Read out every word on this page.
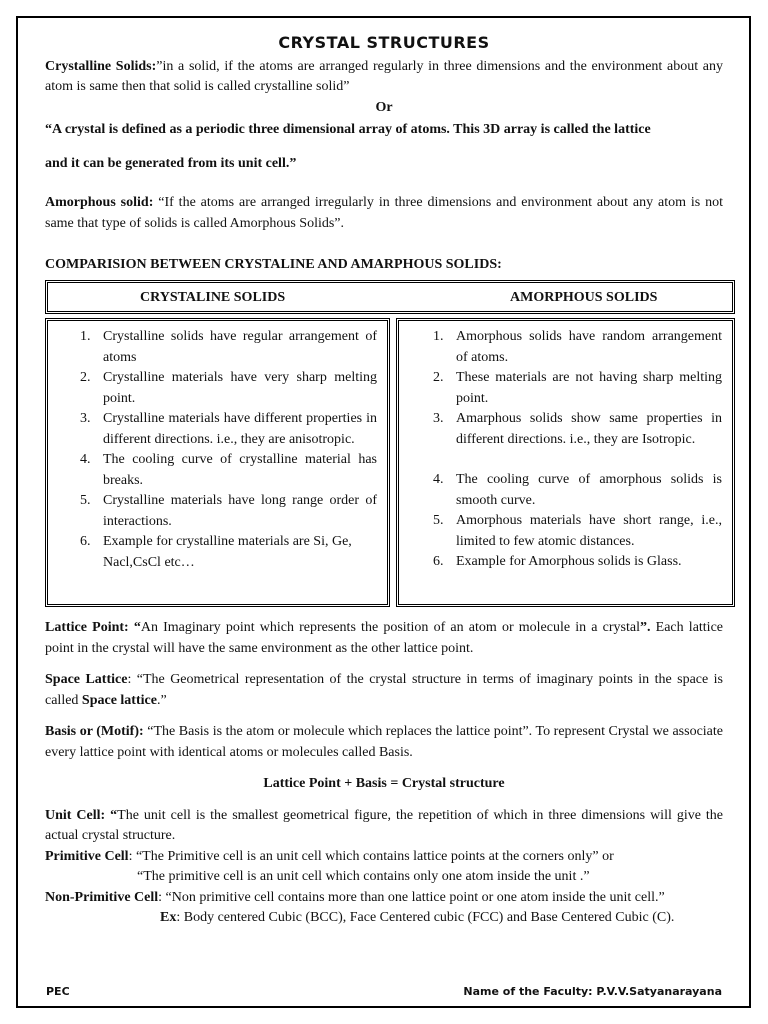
CRYSTAL STRUCTURES

Crystalline Solids:”in a solid, if the atoms are arranged regularly in three dimensions and the environment about any atom is same then that solid is called crystalline solid”

Or

“A crystal is defined as a periodic three dimensional array of atoms. This 3D array is called the lattice
and it can be generated from its unit cell.”

Amorphous solid: “If the atoms are arranged irregularly in three dimensions and environment about any atom is not same that type of solids is called Amorphous Solids”.

COMPARISION BETWEEN CRYSTALINE AND AMARPHOUS SOLIDS:

CRYSTALINE SOLIDS	AMORPHOUS SOLIDS
1. Crystalline solids have regular arrangement of atoms
2. Crystalline materials have very sharp melting point.
3. Crystalline materials have different properties in different directions. i.e., they are anisotropic.
4. The cooling curve of crystalline material has breaks.
5. Crystalline materials have long range order of interactions.
6. Example for crystalline materials are Si, Ge, Nacl,CsCl etc…
1. Amorphous solids have random arrangement of atoms.
2. These materials are not having sharp melting point.
3. Amarphous solids show same properties in different directions. i.e., they are Isotropic.
4. The cooling curve of amorphous solids is smooth curve.
5. Amorphous materials have short range, i.e., limited to few atomic distances.
6. Example for Amorphous solids is Glass.

Lattice Point: “An Imaginary point which represents the position of an atom or molecule in a crystal”. Each lattice point in the crystal will have the same environment as the other lattice point.

Space Lattice: “The Geometrical representation of the crystal structure in terms of imaginary points in the space is called Space lattice.”

Basis or (Motif): “The Basis is the atom or molecule which replaces the lattice point”. To represent Crystal we associate every lattice point with identical atoms or molecules called Basis.

Lattice Point + Basis = Crystal structure

Unit Cell: “The unit cell is the smallest geometrical figure, the repetition of which in three dimensions will give the actual crystal structure.

Primitive Cell: “The Primitive cell is an unit cell which contains lattice points at the corners only” or

“The primitive cell is an unit cell which contains only one atom inside the unit .”

Non-Primitive Cell: “Non primitive cell contains more than one lattice point or one atom inside the unit cell.”

Ex: Body centered Cubic (BCC), Face Centered cubic (FCC) and Base Centered Cubic (C).

PEC	Name of the Faculty: P.V.V.Satyanarayana
